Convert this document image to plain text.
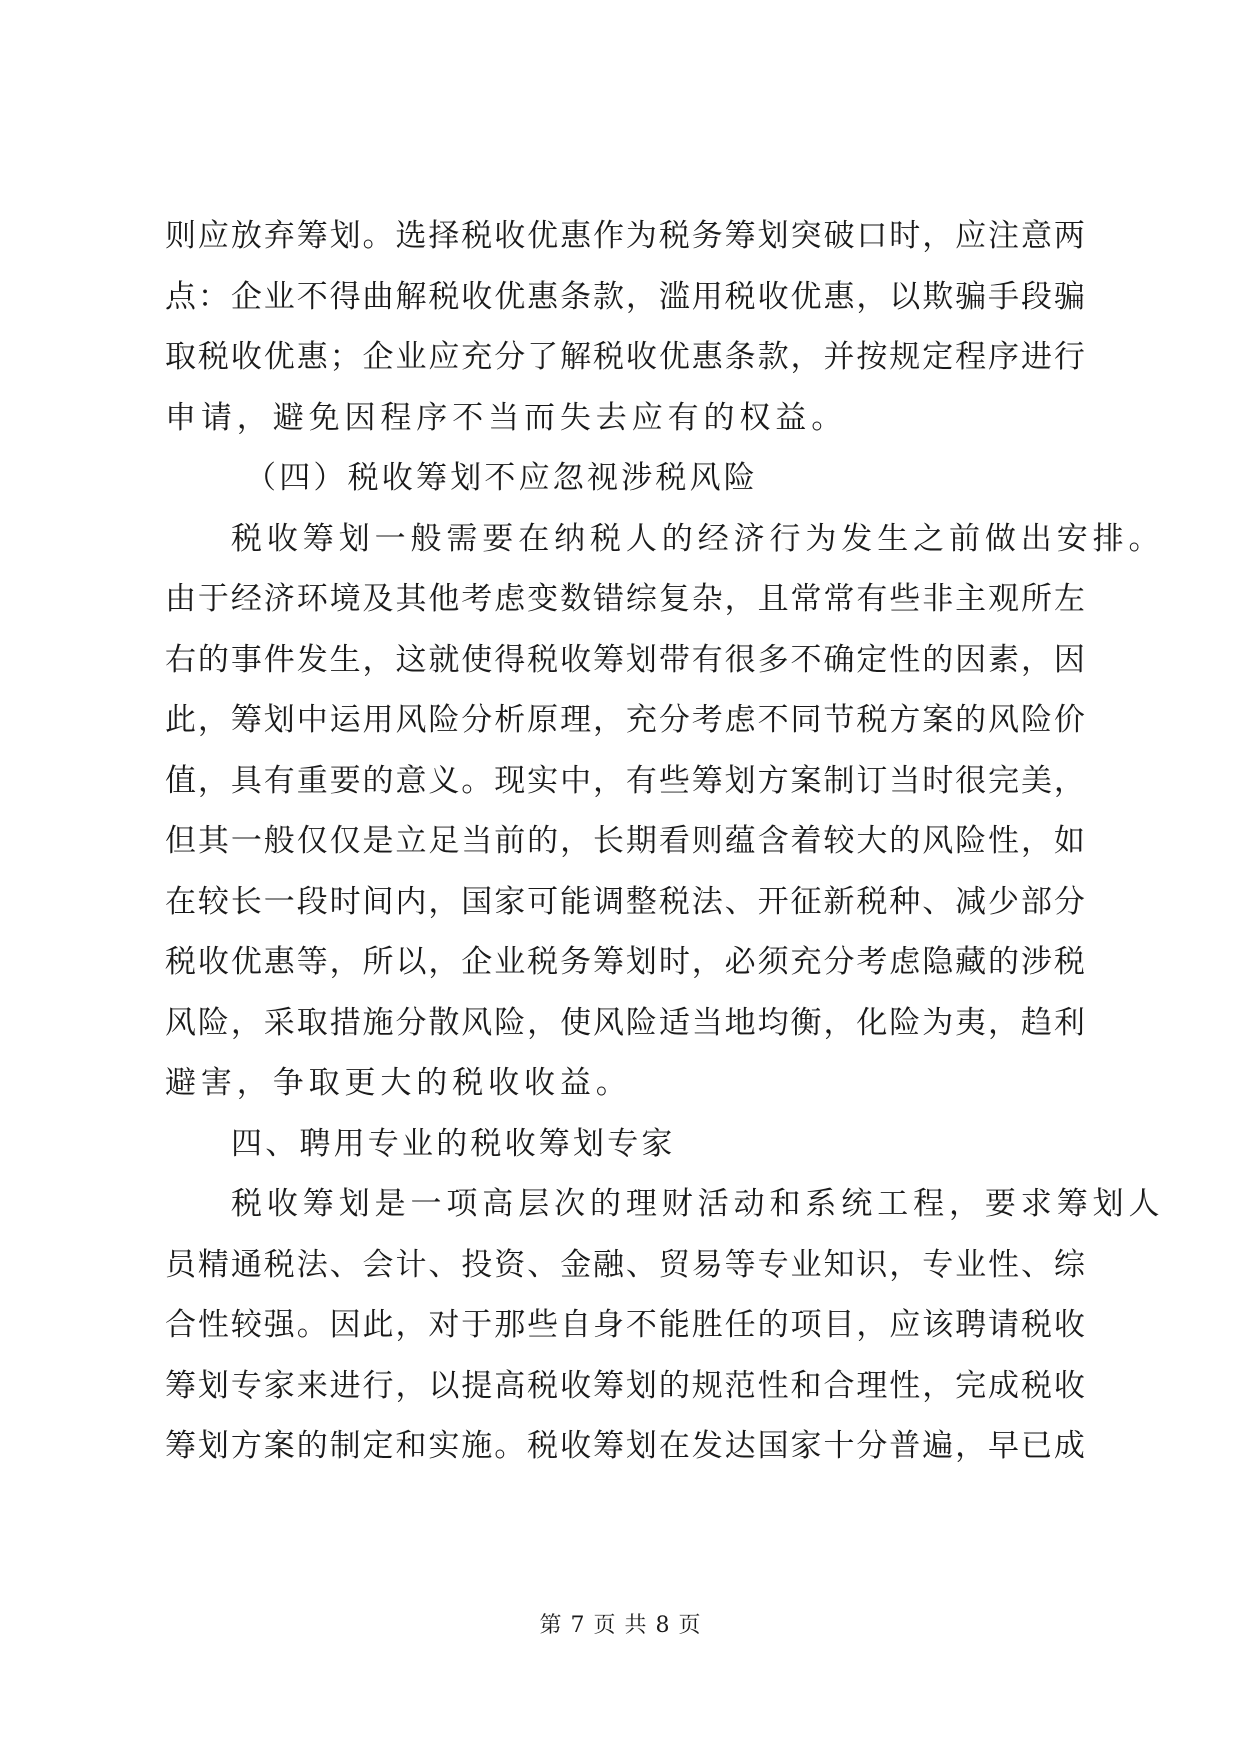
则 应 放 弃 筹 划 。 选 择 税 收 优 惠 作 为 税 务 筹 划 突 破 口 时 ， 应 注 意 两
点 ： 企 业 不 得 曲 解 税 收 优 惠 条 款 ， 滥 用 税 收 优 惠 ， 以 欺 骗 手 段 骗
取 税 收 优 惠 ； 企 业 应 充 分 了 解 税 收 优 惠 条 款 ， 并 按 规 定 程 序 进 行
申请，避免因程序不当而失去应有的权益。
（四）税收筹划不应忽视涉税风险
税收筹划一般需要在纳税人的经济行为发生之前做出安排。
由 于 经 济 环 境 及 其 他 考 虑 变 数 错 综 复 杂 ， 且 常 常 有 些 非 主 观 所 左
右 的 事 件 发 生 ， 这 就 使 得 税 收 筹 划 带 有 很 多 不 确 定 性 的 因 素 ， 因
此 ， 筹 划 中 运 用 风 险 分 析 原 理 ， 充 分 考 虑 不 同 节 税 方 案 的 风 险 价
值 ， 具 有 重 要 的 意 义 。 现 实 中 ， 有 些 筹 划 方 案 制 订 当 时 很 完 美 ，
但 其 一 般 仅 仅 是 立 足 当 前 的 ， 长 期 看 则 蕴 含 着 较 大 的 风 险 性 ， 如
在 较 长 一 段 时 间 内 ， 国 家 可 能 调 整 税 法 、 开 征 新 税 种 、 减 少 部 分
税 收 优 惠 等 ， 所 以 ， 企 业 税 务 筹 划 时 ， 必 须 充 分 考 虑 隐 藏 的 涉 税
风 险 ， 采 取 措 施 分 散 风 险 ， 使 风 险 适 当 地 均 衡 ， 化 险 为 夷 ， 趋 利
避害，争取更大的税收收益。
四、聘用专业的税收筹划专家
税收筹划是一项高层次的理财活动和系统工程，要求筹划人
员 精 通 税 法 、 会 计 、 投 资 、 金 融 、 贸 易 等 专 业 知 识 ， 专 业 性 、 综
合 性 较 强 。 因 此 ， 对 于 那 些 自 身 不 能 胜 任 的 项 目 ， 应 该 聘 请 税 收
筹 划 专 家 来 进 行 ， 以 提 高 税 收 筹 划 的 规 范 性 和 合 理 性 ， 完 成 税 收
筹 划 方 案 的 制 定 和 实 施 。 税 收 筹 划 在 发 达 国 家 十 分 普 遍 ， 早 已 成
第 7 页 共 8 页
